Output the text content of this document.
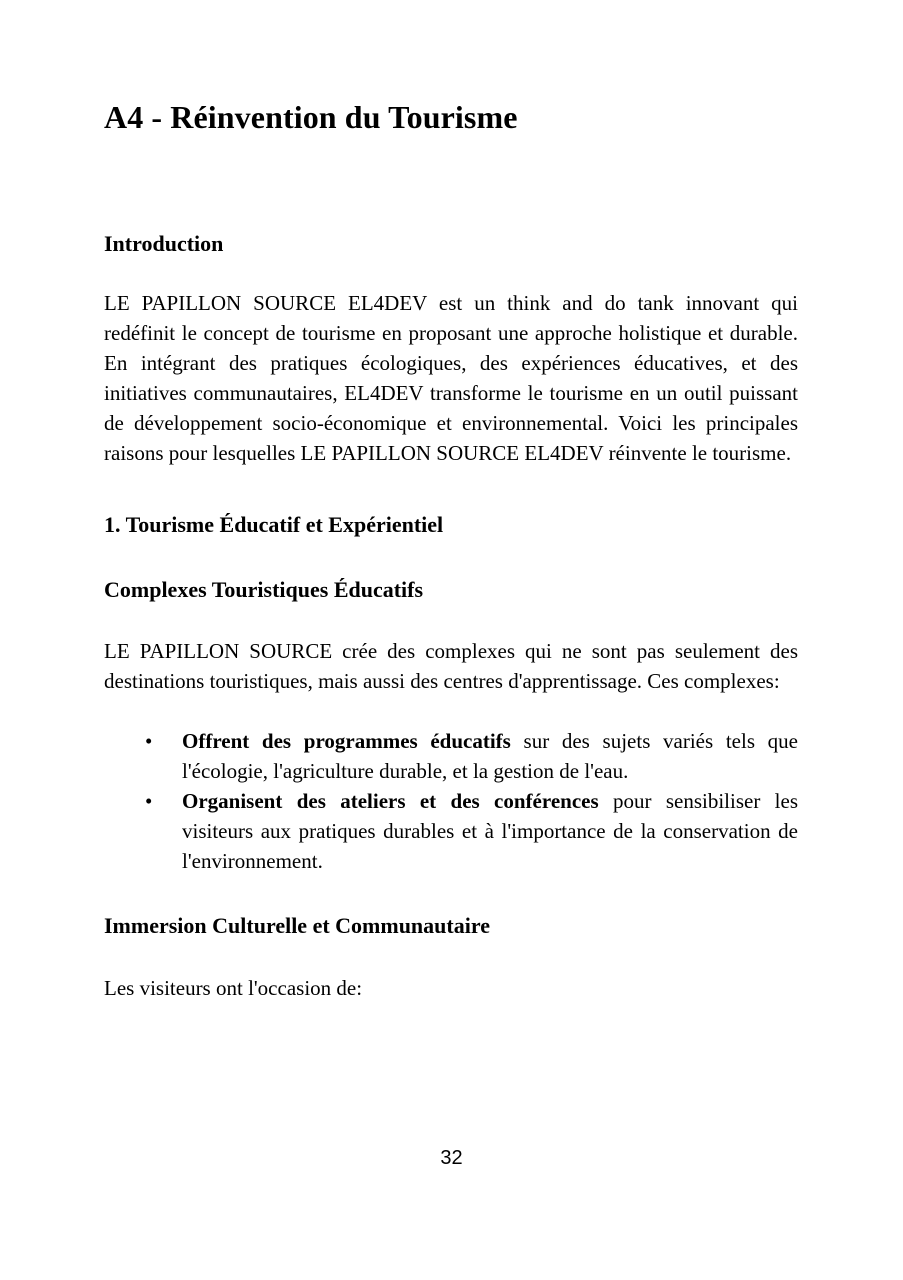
A4 - Réinvention du Tourisme
Introduction

LE PAPILLON SOURCE EL4DEV est un think and do tank innovant qui redéfinit le concept de tourisme en proposant une approche holistique et durable. En intégrant des pratiques écologiques, des expériences éducatives, et des initiatives communautaires, EL4DEV transforme le tourisme en un outil puissant de développement socio-économique et environnemental. Voici les principales raisons pour lesquelles LE PAPILLON SOURCE EL4DEV réinvente le tourisme.

1. Tourisme Éducatif et Expérientiel
Complexes Touristiques Éducatifs

LE PAPILLON SOURCE crée des complexes qui ne sont pas seulement des destinations touristiques, mais aussi des centres d'apprentissage. Ces complexes:

• Offrent des programmes éducatifs sur des sujets variés tels que l'écologie, l'agriculture durable, et la gestion de l'eau.
• Organisent des ateliers et des conférences pour sensibiliser les visiteurs aux pratiques durables et à l'importance de la conservation de l'environnement.
Immersion Culturelle et Communautaire

Les visiteurs ont l'occasion de:

32
